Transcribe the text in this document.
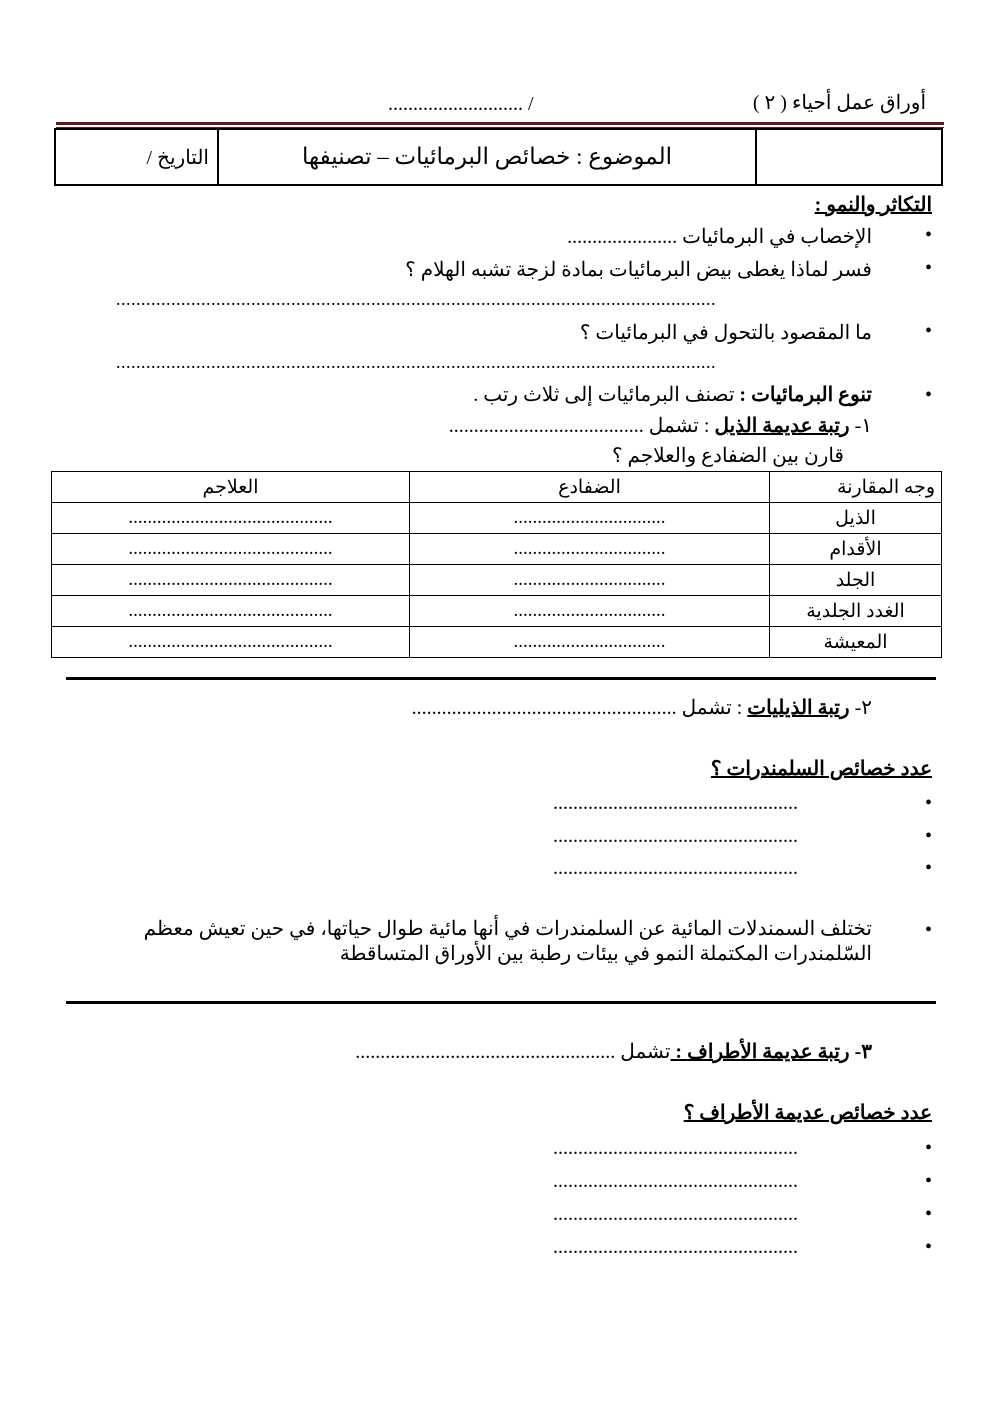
أوراق عمل أحياء ( ٢ )
........................... /
التاريخ /	الموضوع : خصائص البرمائيات – تصنيفها	
التكاثر والنمو :
•
الإخصاب في البرمائيات ......................
•
فسر لماذا يغطى بيض البرمائيات بمادة لزجة تشبه الهلام ؟
........................................................................................................................
•
ما المقصود بالتحول في البرمائيات ؟
........................................................................................................................
•
تنوع البرمائيات : تصنف البرمائيات إلى ثلاث رتب .
١- رتبة عديمة الذيل : تشمل .......................................
قارن بين الضفادع والعلاجم ؟
العلاجم	الضفادع	وجه المقارنة
...........................................	................................	الذيل
...........................................	................................	الأقدام
...........................................	................................	الجلد
...........................................	................................	الغدد الجلدية
...........................................	................................	المعيشة
٢- رتبة الذيليات : تشمل .....................................................
عدد خصائص السلمندرات ؟
•
.................................................
•
.................................................
•
.................................................
•
تختلف السمندلات المائية عن السلمندرات في أنها مائية طوال حياتها، في حين تعيش معظم
السّلمندرات المكتملة النمو في بيئات رطبة بين الأوراق المتساقطة
٣- رتبة عديمة الأطراف : تشمل ....................................................
عدد خصائص عديمة الأطراف ؟
•
.................................................
•
.................................................
•
.................................................
•
.................................................
